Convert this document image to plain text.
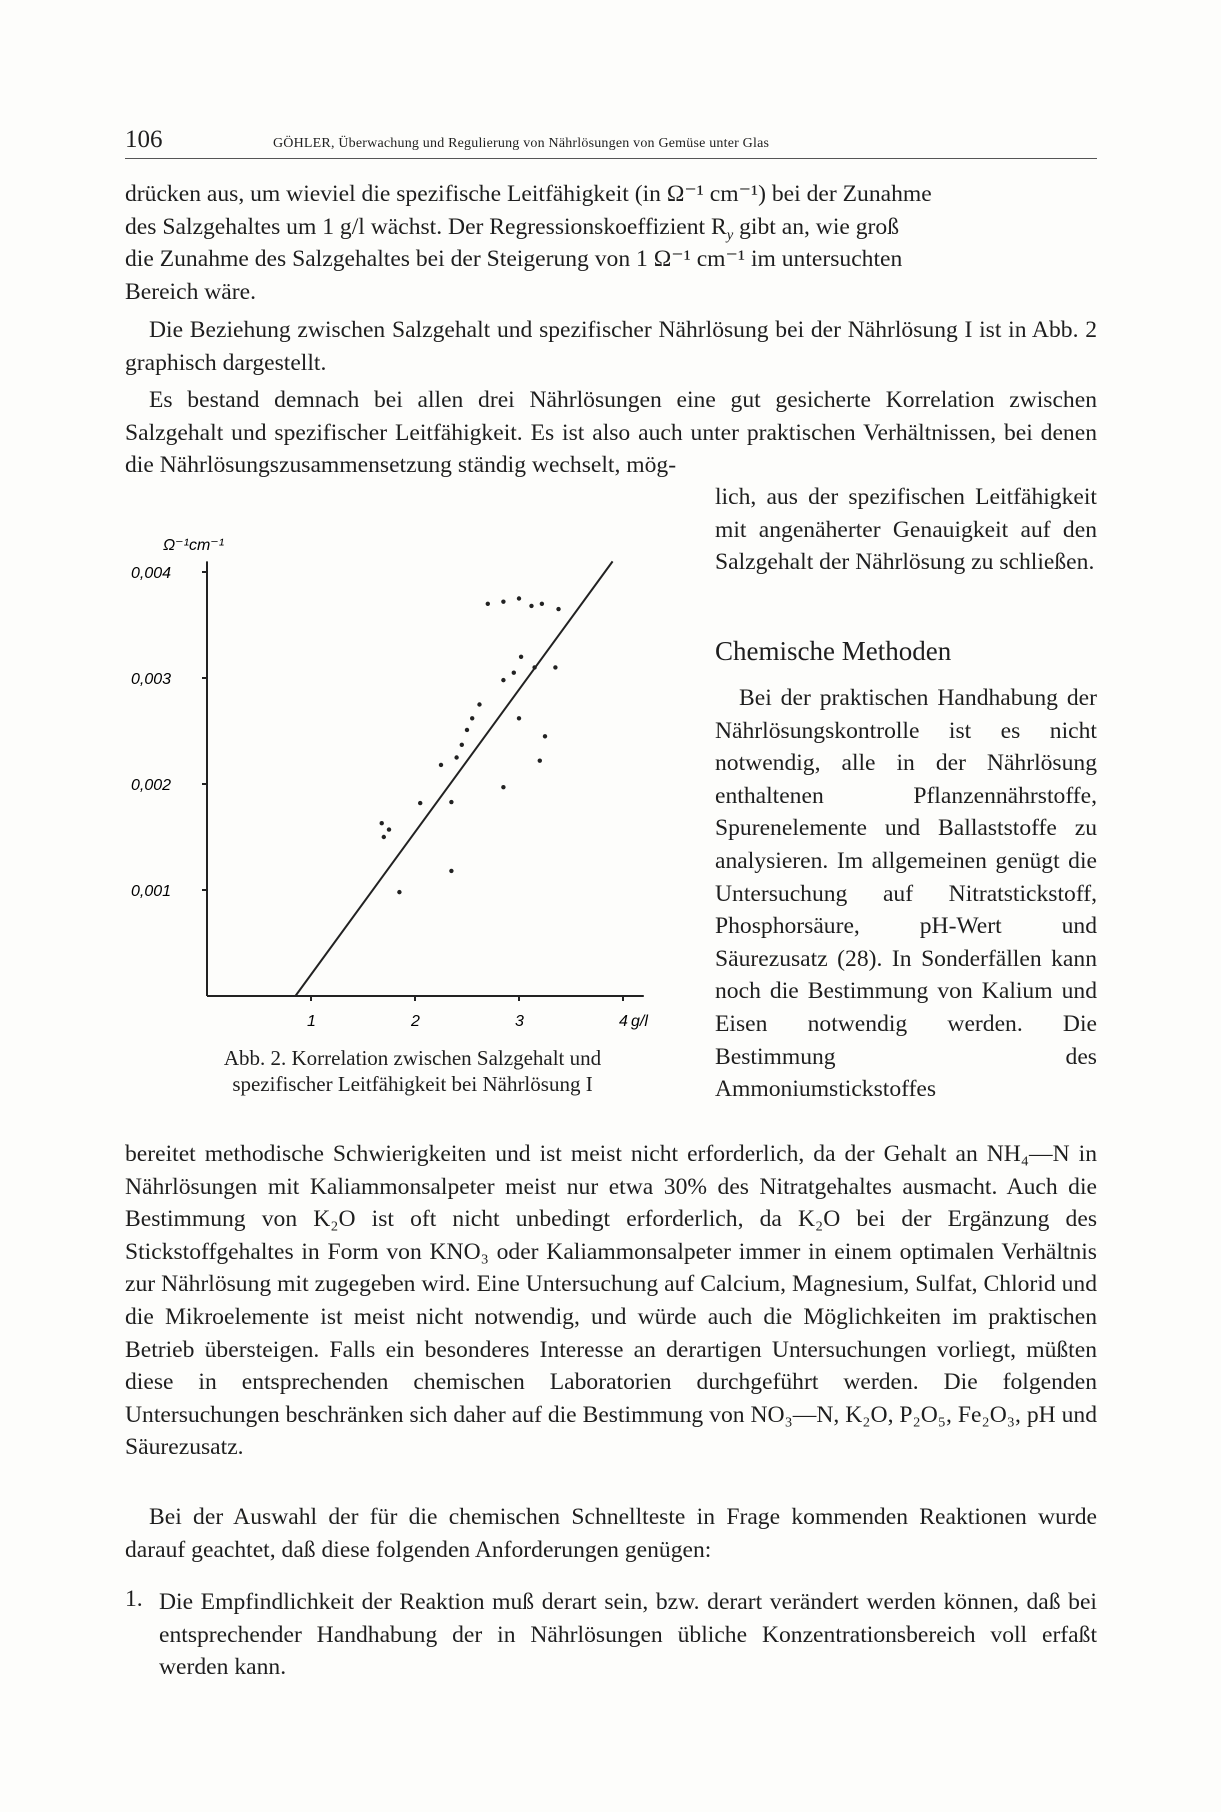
106	GÖHLER, Überwachung und Regulierung von Nährlösungen von Gemüse unter Glas
drücken aus, um wieviel die spezifische Leitfähigkeit (in Ω⁻¹ cm⁻¹) bei der Zunahme
des Salzgehaltes um 1 g/l wächst. Der Regressionskoeffizient $R_y$ gibt an, wie groß
die Zunahme des Salzgehaltes bei der Steigerung von 1 Ω⁻¹ cm⁻¹ im untersuchten
Bereich wäre.

Die Beziehung zwischen Salzgehalt und spezifischer Nährlösung bei der Nährlösung I ist in Abb. 2 graphisch dargestellt.

Es bestand demnach bei allen drei Nährlösungen eine gut gesicherte Korrelation zwischen Salzgehalt und spezifischer Leitfähigkeit. Es ist also auch unter praktischen Verhältnissen, bei denen die Nährlösungszusammensetzung ständig wechselt, mög-

lich, aus der spezifischen Leitfähigkeit mit angenäherter Genauigkeit auf den Salzgehalt der Nährlösung zu schließen.

Chemische Methoden

Bei der praktischen Handhabung der Nährlösungskontrolle ist es nicht notwendig, alle in der Nährlösung enthaltenen Pflanzennährstoffe, Spurenelemente und Ballaststoffe zu analysieren. Im allgemeinen genügt die Untersuchung auf Nitratstickstoff, Phosphorsäure, pH-Wert und Säurezusatz (28). In Sonderfällen kann noch die Bestimmung von Kalium und Eisen notwendig werden. Die Bestimmung des Ammoniumstickstoffes

bereitet methodische Schwierigkeiten und ist meist nicht erforderlich, da der Gehalt an NH₄—N in Nährlösungen mit Kaliammonsalpeter meist nur etwa 30% des Nitratgehaltes ausmacht. Auch die Bestimmung von K₂O ist oft nicht unbedingt erforderlich, da K₂O bei der Ergänzung des Stickstoffgehaltes in Form von KNO₃ oder Kaliammonsalpeter immer in einem optimalen Verhältnis zur Nährlösung mit zugegeben wird. Eine Untersuchung auf Calcium, Magnesium, Sulfat, Chlorid und die Mikroelemente ist meist nicht notwendig, und würde auch die Möglichkeiten im praktischen Betrieb übersteigen. Falls ein besonderes Interesse an derartigen Untersuchungen vorliegt, müßten diese in entsprechenden chemischen Laboratorien durchgeführt werden. Die folgenden Untersuchungen beschränken sich daher auf die Bestimmung von NO₃—N, K₂O, P₂O₅, Fe₂O₃, pH und Säurezusatz.

Bei der Auswahl der für die chemischen Schnellteste in Frage kommenden Reaktionen wurde darauf geachtet, daß diese folgenden Anforderungen genügen:

1. Die Empfindlichkeit der Reaktion muß derart sein, bzw. derart verändert werden können, daß bei entsprechender Handhabung der in Nährlösungen übliche Konzentrationsbereich voll erfaßt werden kann.

0,001
0,002
0,003
0,004
1	2	3	4 g/l
Ω⁻¹cm⁻¹
Abb. 2. Korrelation zwischen Salzgehalt und
spezifischer Leitfähigkeit bei Nährlösung I
